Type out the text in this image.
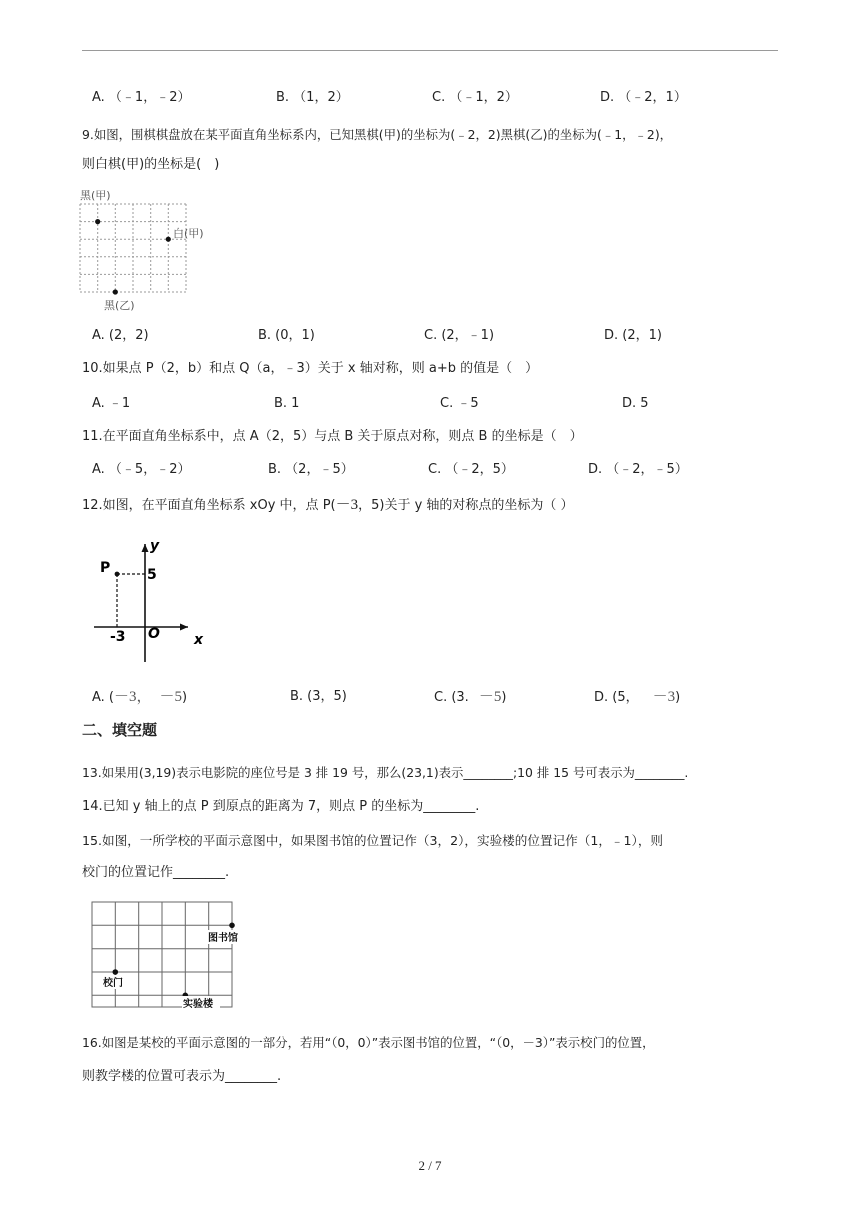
A. （﹣1，﹣2）	B. （1，2）	C. （﹣1，2）	D. （﹣2，1）
9.如图，围棋棋盘放在某平面直角坐标系内，已知黑棋(甲)的坐标为(﹣2，2)黑棋(乙)的坐标为(﹣1，﹣2)，
则白棋(甲)的坐标是(　)
黑(甲)
白(甲)
黑(乙)
A. (2，2)	B. (0，1)	C. (2，﹣1)	D. (2，1)
10.如果点 P（2，b）和点 Q（a，﹣3）关于 x 轴对称，则 a+b 的值是（　）
A. ﹣1	B. 1	C. ﹣5	D. 5
11.在平面直角坐标系中，点 A（2，5）与点 B 关于原点对称，则点 B 的坐标是（　）
A. （﹣5，﹣2）	B. （2，﹣5）	C. （﹣2，5）	D. （﹣2，﹣5）
12.如图，在平面直角坐标系 xOy 中，点 P(－3，5)关于 y 轴的对称点的坐标为（ ）
P
y
x
O
5
-3
A. (－3， －5)	B. (3，5)	C. (3. －5)	D. (5， －3)
二、填空题
13.如果用(3,19)表示电影院的座位号是 3 排 19 号，那么(23,1)表示________;10 排 15 号可表示为________.
14.已知 y 轴上的点 P 到原点的距离为 7，则点 P 的坐标为________.
15.如图，一所学校的平面示意图中，如果图书馆的位置记作（3，2），实验楼的位置记作（1，﹣1），则
校门的位置记作________.
图书馆
校门
实验楼
16.如图是某校的平面示意图的一部分，若用“（0，0）”表示图书馆的位置，“（0，－3）”表示校门的位置，
则教学楼的位置可表示为________.
2 / 7
